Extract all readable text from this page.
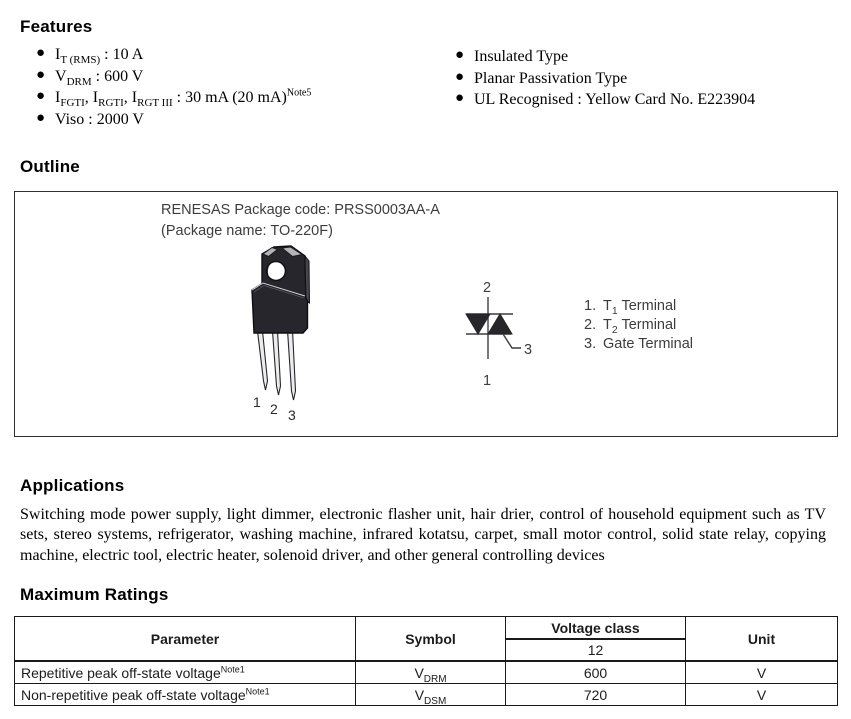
Features
● $I_{T (RMS)}$ : 10 A
● $V_{DRM}$ : 600 V
● $I_{FGTI}$, $I_{RGTI}$, $I_{RGT III}$ : 30 mA (20 mA)$^{Note5}$
● Viso : 2000 V
● Insulated Type
● Planar Passivation Type
● UL Recognised : Yellow Card No. E223904
Outline
RENESAS Package code: PRSS0003AA-A
(Package name: TO-220F)
1 2 3
2
3
1
1. $T_1$ Terminal
2. $T_2$ Terminal
3. Gate Terminal
Applications
Switching mode power supply, light dimmer, electronic flasher unit, hair drier, control of household equipment such as TV sets, stereo systems, refrigerator, washing machine, infrared kotatsu, carpet, small motor control, solid state relay, copying machine, electric tool, electric heater, solenoid driver, and other general controlling devices
Maximum Ratings
Parameter	Symbol	Voltage class	Unit
		12	
Repetitive peak off-state voltage$^{Note1}$	$V_{DRM}$	600	V
Non-repetitive peak off-state voltage$^{Note1}$	$V_{DSM}$	720	V
